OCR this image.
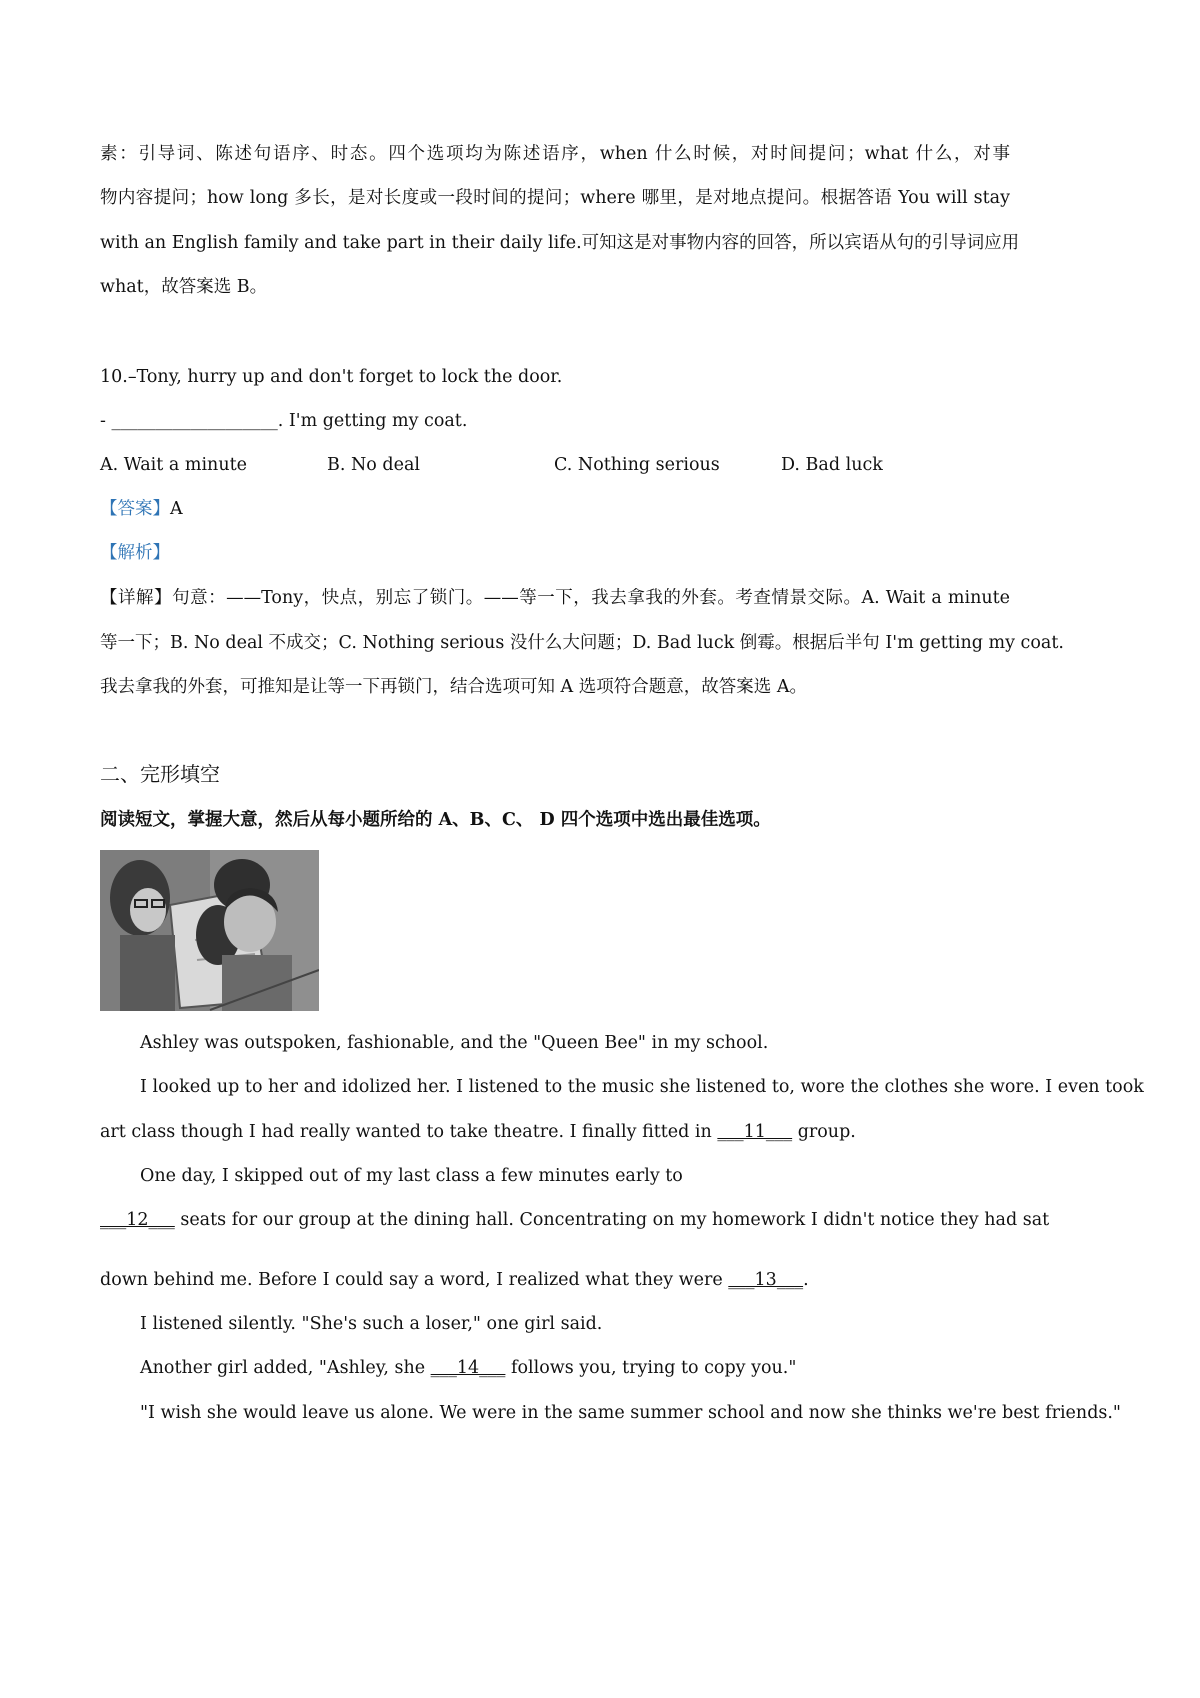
素：引导词、陈述句语序、时态。四个选项均为陈述语序，when 什么时候，对时间提问；what 什么，对事
物内容提问；how long 多长，是对长度或一段时间的提问；where 哪里，是对地点提问。根据答语 You will stay
with an English family and take part in their daily life.可知这是对事物内容的回答，所以宾语从句的引导词应用
what，故答案选 B。
10.–Tony, hurry up and don't forget to lock the door.
- ___________________. I'm getting my coat.
A. Wait a minute	B. No deal	C. Nothing serious	D. Bad luck
【答案】A
【解析】
【详解】句意：——Tony，快点，别忘了锁门。——等一下，我去拿我的外套。考查情景交际。A. Wait a minute
等一下；B. No deal 不成交；C. Nothing serious 没什么大问题；D. Bad luck 倒霉。根据后半句 I'm getting my coat.
我去拿我的外套，可推知是让等一下再锁门，结合选项可知 A 选项符合题意，故答案选 A。
二、完形填空
阅读短文，掌握大意，然后从每小题所给的 A、B、C、 D 四个选项中选出最佳选项。
Ashley was outspoken, fashionable, and the "Queen Bee" in my school.
I looked up to her and idolized her. I listened to the music she listened to, wore the clothes she wore. I even took
art class though I had really wanted to take theatre. I finally fitted in ___11___ group.
One day, I skipped out of my last class a few minutes early to
___12___ seats for our group at the dining hall. Concentrating on my homework I didn't notice they had sat
down behind me. Before I could say a word, I realized what they were ___13___.
I listened silently. "She's such a loser," one girl said.
Another girl added, "Ashley, she ___14___ follows you, trying to copy you."
"I wish she would leave us alone. We were in the same summer school and now she thinks we're best friends."
